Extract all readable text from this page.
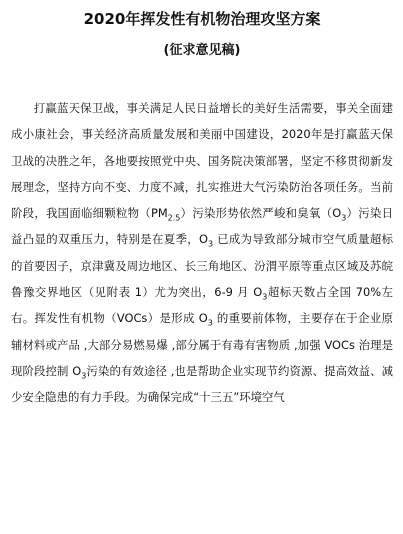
2020年挥发性有机物治理攻坚方案
(征求意见稿)
打赢蓝天保卫战，事关满足人民日益增长的美好生活需要，事关全面建成小康社会，事关经济高质量发展和美丽中国建设，2020年是打赢蓝天保卫战的决胜之年，各地要按照党中央、国务院决策部署，坚定不移贯彻新发展理念，坚持方向不变、力度不减，扎实推进大气污染防治各项任务。当前阶段，我国面临细颗粒物$(PM_{2.5})$污染形势依然严峻和臭氧$(O_3)$污染日益凸显的双重压力，特别是在夏季，$O_3$ 已成为导致部分城市空气质量超标的首要因子，京津冀及周边地区、长三角地区、汾渭平原等重点区域及苏皖鲁豫交界地区（见附表 1）尤为突出，6-9 月 $O_3$超标天数占全国 70%左右。挥发性有机物（VOCs）是形成 $O_3$ 的重要前体物，主要存在于企业原辅材料或产品 ,大部分易燃易爆 ,部分属于有毒有害物质 ,加强 VOCs 治理是现阶段控制 $O_3$污染的有效途径 ,也是帮助企业实现节约资源、提高效益、减少安全隐患的有力手段。为确保完成“十三五”环境空气
